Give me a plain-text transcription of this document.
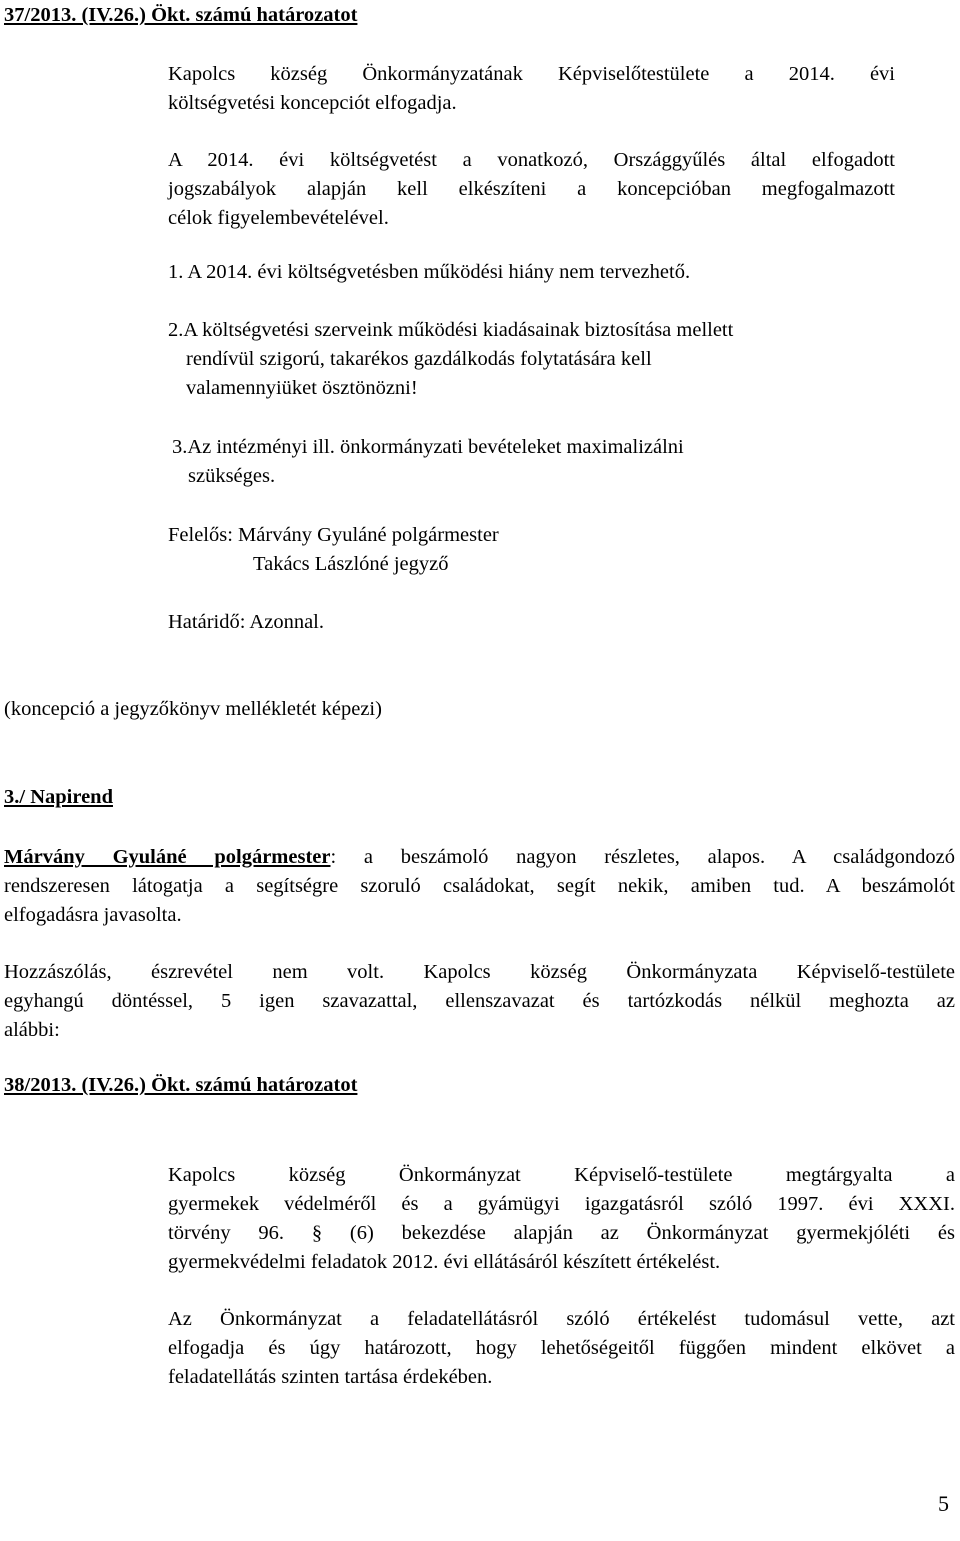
37/2013. (IV.26.) Ökt. számú határozatot

Kapolcs község Önkormányzatának Képviselőtestülete a 2014. évi
költségvetési koncepciót elfogadja.
A 2014. évi költségvetést a vonatkozó, Országgyűlés által elfogadott
jogszabályok alapján kell elkészíteni a koncepcióban megfogalmazott
célok figyelembevételével.

1. A 2014. évi költségvetésben működési hiány nem tervezhető.

2.A költségvetési szerveink működési kiadásainak biztosítása mellett

rendívül szigorú, takarékos gazdálkodás folytatására kell

valamennyiüket ösztönözni!

3.Az intézményi ill. önkormányzati bevételeket maximalizálni

szükséges.

Felelős: Márvány Gyuláné polgármester

Takács Lászlóné jegyző

Határidő: Azonnal.

(koncepció a jegyzőkönyv mellékletét képezi)

3./ Napirend

Márvány Gyuláné polgármester: a beszámoló nagyon részletes, alapos. A családgondozó
rendszeresen látogatja a segítségre szoruló családokat, segít nekik, amiben tud. A beszámolót
elfogadásra javasolta.
Hozzászólás, észrevétel nem volt. Kapolcs község Önkormányzata Képviselő-testülete
egyhangú döntéssel, 5 igen szavazattal, ellenszavazat és tartózkodás nélkül meghozta az
alábbi:

38/2013. (IV.26.) Ökt. számú határozatot

Kapolcs község Önkormányzat Képviselő-testülete megtárgyalta a
gyermekek védelméről és a gyámügyi igazgatásról szóló 1997. évi XXXI.
törvény 96. § (6) bekezdése alapján az Önkormányzat gyermekjóléti és
gyermekvédelmi feladatok 2012. évi ellátásáról készített értékelést.
Az Önkormányzat a feladatellátásról szóló értékelést tudomásul vette, azt
elfogadja és úgy határozott, hogy lehetőségeitől függően mindent elkövet a
feladatellátás szinten tartása érdekében.

5
